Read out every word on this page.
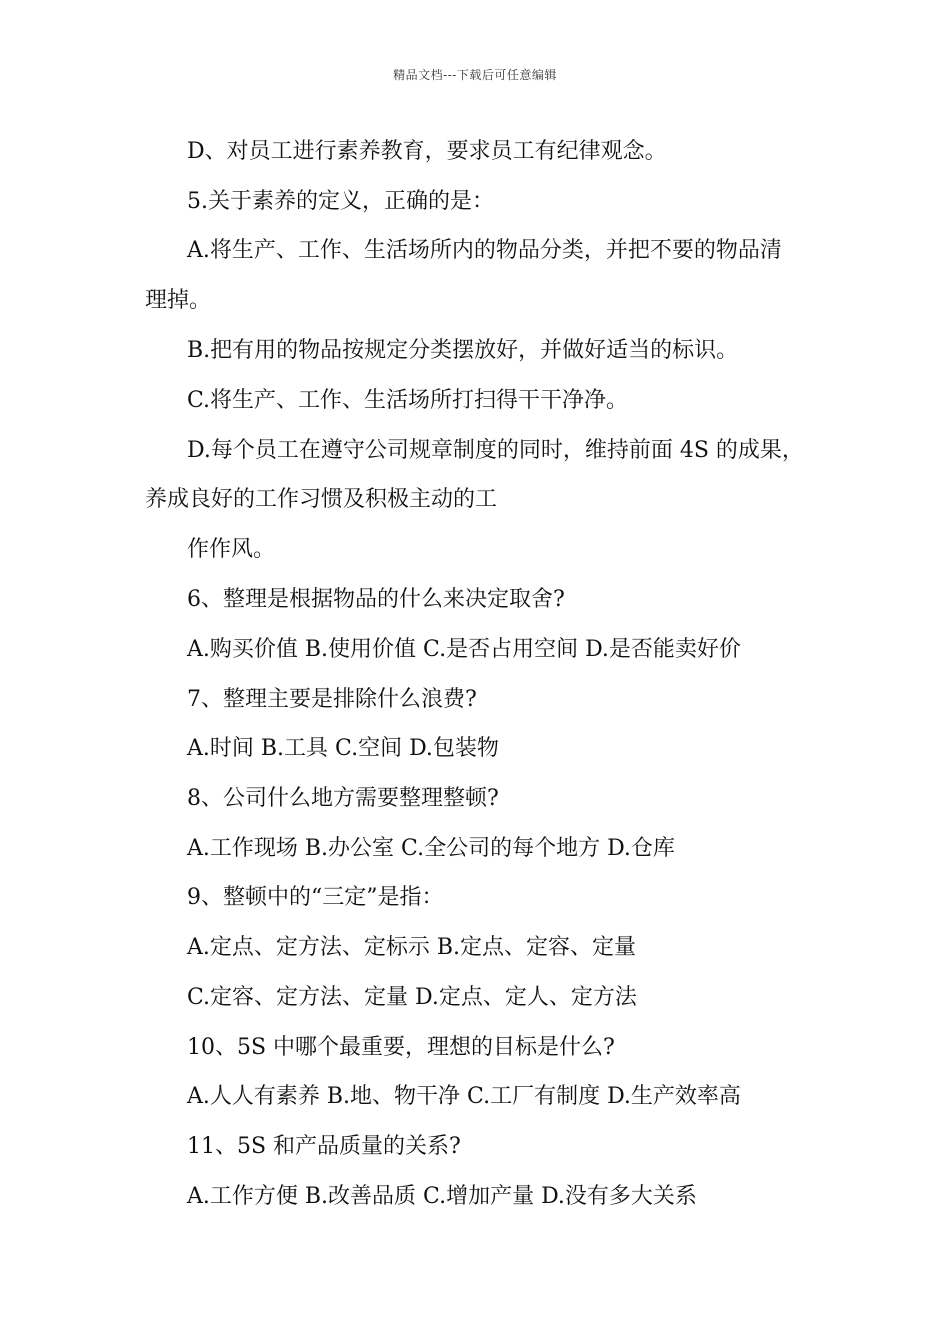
精品文档---下载后可任意编辑
D、对员工进行素养教育，要求员工有纪律观念。
5.关于素养的定义，正确的是：
A.将生产、工作、生活场所内的物品分类，并把不要的物品清
理掉。
B.把有用的物品按规定分类摆放好，并做好适当的标识。
C.将生产、工作、生活场所打扫得干干净净。
D.每个员工在遵守公司规章制度的同时，维持前面 4S 的成果，
养成良好的工作习惯及积极主动的工
作作风。
6、整理是根据物品的什么来决定取舍?
A.购买价值 B.使用价值 C.是否占用空间 D.是否能卖好价
7、整理主要是排除什么浪费?
A.时间 B.工具 C.空间 D.包装物
8、公司什么地方需要整理整顿?
A.工作现场 B.办公室 C.全公司的每个地方 D.仓库
9、整顿中的“三定”是指：
A.定点、定方法、定标示 B.定点、定容、定量
C.定容、定方法、定量 D.定点、定人、定方法
10、5S 中哪个最重要，理想的目标是什么?
A.人人有素养 B.地、物干净 C.工厂有制度 D.生产效率高
11、5S 和产品质量的关系?
A.工作方便 B.改善品质 C.增加产量 D.没有多大关系
